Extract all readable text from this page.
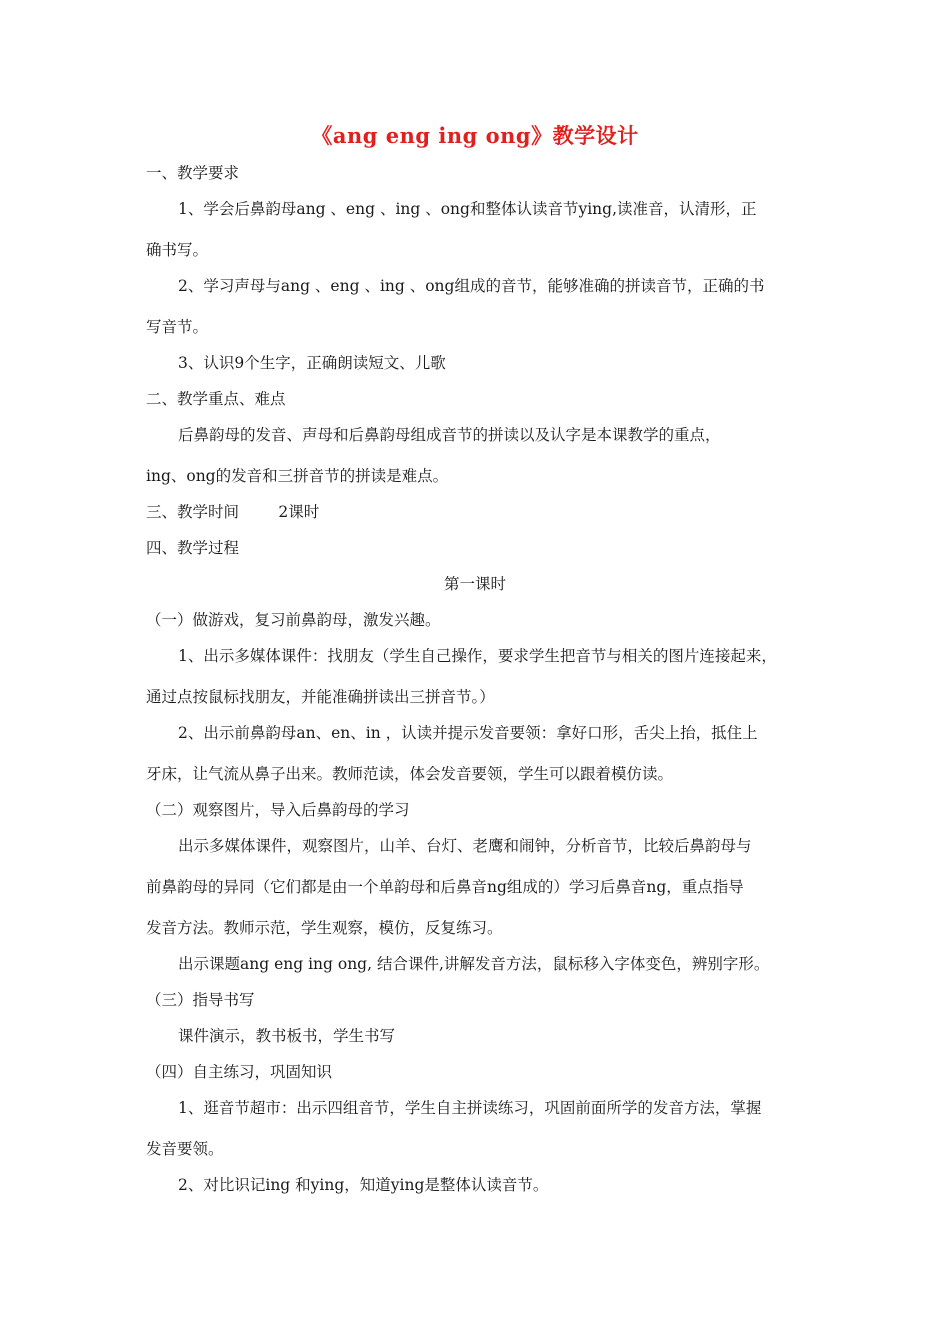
《ang eng ing ong》教学设计
一、教学要求
1、学会后鼻韵母ang 、eng 、ing 、ong和整体认读音节ying,读准音，认清形，正
确书写。
2、学习声母与ang 、eng 、ing 、ong组成的音节，能够准确的拼读音节，正确的书
写音节。
3、认识9个生字，正确朗读短文、儿歌
二、教学重点、难点
后鼻韵母的发音、声母和后鼻韵母组成音节的拼读以及认字是本课教学的重点，
ing、ong的发音和三拼音节的拼读是难点。
三、教学时间        2课时
四、教学过程
第一课时
（一）做游戏，复习前鼻韵母，激发兴趣。
1、出示多媒体课件：找朋友（学生自己操作，要求学生把音节与相关的图片连接起来，
通过点按鼠标找朋友，并能准确拼读出三拼音节。）
2、出示前鼻韵母an、en、in ，认读并提示发音要领：拿好口形，舌尖上抬，抵住上
牙床，让气流从鼻子出来。教师范读，体会发音要领，学生可以跟着模仿读。
（二）观察图片，导入后鼻韵母的学习
出示多媒体课件，观察图片，山羊、台灯、老鹰和闹钟，分析音节，比较后鼻韵母与
前鼻韵母的异同（它们都是由一个单韵母和后鼻音ng组成的）学习后鼻音ng，重点指导
发音方法。教师示范，学生观察，模仿，反复练习。
出示课题ang eng ing ong, 结合课件,讲解发音方法，鼠标移入字体变色，辨别字形。
（三）指导书写
课件演示，教书板书，学生书写
（四）自主练习，巩固知识
1、逛音节超市：出示四组音节，学生自主拼读练习，巩固前面所学的发音方法，掌握
发音要领。
2、对比识记ing 和ying，知道ying是整体认读音节。
